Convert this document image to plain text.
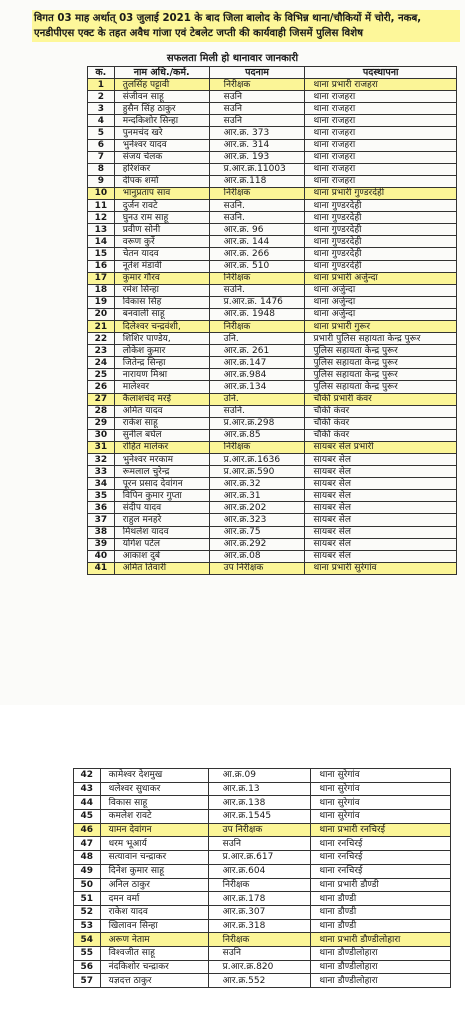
विगत 03 माह अर्थात् 03 जुलाई 2021 के बाद जिला बालोद के विभिन्न थाना/चौकियों में चोरी, नकब, एनडीपीएस एक्ट के तहत अवैध गांजा एवं टेबलेट जप्ती की कार्यवाही जिसमें पुलिस विशेष
सफलता मिली हो थानावार जानकारी
क.	नाम अधि./कर्म.	पदनाम	पदस्थापना
1	तुलसिंह पट्टावी	निरीक्षक	थाना प्रभारी राजहरा
2	संजीवन साहू	सउनि	थाना राजहरा
3	हुसैन सिंह ठाकुर	सउनि	थाना राजहरा
4	मन्दकिशोर सिन्हा	सउनि	थाना राजहरा
5	पुनमचंद खरे	आर.क्र. 373	थाना राजहरा
6	भुनेश्वर यादव	आर.क्र. 314	थाना राजहरा
7	संजय चेलक	आर.क्र. 193	थाना राजहरा
8	हरिशंकर	प्र.आर.क्र.11003	थाना राजहरा
9	दीपक शर्मा	आर.क्र.118	थाना राजहरा
10	भानुप्रताप साव	निरीक्षक	थाना प्रभारी गुण्डरदेही
11	दुर्जन रावटे	सउनि.	थाना गुण्डरदेही
12	घुनउ राम साहू	सउनि.	थाना गुण्डरदेही
13	प्रवीण सोनी	आर.क्र. 96	थाना गुण्डरदेही
14	वरूण कुर्रे	आर.क्र. 144	थाना गुण्डरदेही
15	चेतन यादव	आर.क्र. 266	थाना गुण्डरदेही
16	नूतेश मंडावी	आर.क्र. 510	थाना गुण्डरदेही
17	कुमार गौरव	निरीक्षक	थाना प्रभारी अर्जुन्दा
18	रमेश सिन्हा	सउनि.	थाना अर्जुन्दा
19	विकास सिंह	प्र.आर.क्र. 1476	थाना अर्जुन्दा
20	बनवाली साहू	आर.क्र. 1948	थाना अर्जुन्दा
21	दिलेश्वर चन्द्रवंशी,	निरीक्षक	थाना प्रभारी गुरूर
22	शिशिर पाण्डेय,	उनि.	प्रभारी पुलिस सहायता केन्द्र पुरूर
23	लोकेश कुमार	आर.क्र. 261	पुलिस सहायता केन्द्र पुरूर
24	जितेन्द्र सिन्हा	आर.क्र.147	पुलिस सहायता केन्द्र पुरूर
25	नारायण मिश्रा	आर.क्र.984	पुलिस सहायता केन्द्र पुरूर
26	मालेश्वर	आर.क्र.134	पुलिस सहायता केन्द्र पुरूर
27	कैलाशचंद मरई	उनि.	चौकी प्रभारी कंवर
28	अमित यादव	सउनि.	चौकी कंवर
29	राकेश साहू	प्र.आर.क्र.298	चौकी कंवर
30	सुनील बघेल	आर.क्र.85	चौकी कंवर
31	रोहित मालेकर	निरीक्षक	सायबर सेल प्रभारी
32	भुनेश्वर मरकाम	प्र.आर.क्र.1636	सायबर सेल
33	रूमलाल चुरेन्द्र	प्र.आर.क्र.590	सायबर सेल
34	पूरन प्रसाद देवांगन	आर.क्र.32	सायबर सेल
35	विपिन कुमार गुप्ता	आर.क्र.31	सायबर सेल
36	संदीप यादव	आर.क्र.202	सायबर सेल
37	राहुल मनहरे	आर.क्र.323	सायबर सेल
38	मिथलेश यादव	आर.क्र.75	सायबर सेल
39	योगेश पटेल	आर.क्र.292	सायबर सेल
40	आकाश दुबे	आर.क्र.08	सायबर सेल
41	अमित तिवारी	उप निरीक्षक	थाना प्रभारी सुरेगांव
42	कामेश्वर देशमुख	आ.क्र.09	थाना सुरेगांव
43	थलेश्वर सुधाकर	आर.क्र.13	थाना सुरेगांव
44	विकास साहू	आर.क्र.138	थाना सुरेगांव
45	कमलेश रावटे	आर.क्र.1545	थाना सुरेगांव
46	यामन देवांगन	उप निरीक्षक	थाना प्रभारी रनचिरई
47	धरम भूआर्य	सउनि	थाना रनचिरई
48	सत्यावान चन्द्राकर	प्र.आर.क्र.617	थाना रनचिरई
49	दिनेश कुमार साहू	आर.क्र.604	थाना रनचिरई
50	अनिल ठाकुर	निरीक्षक	थाना प्रभारी डौण्डी
51	दमन वर्मा	आर.क्र.178	थाना डौण्डी
52	राकेश यादव	आर.क्र.307	थाना डौण्डी
53	खिलावन सिन्हा	आर.क्र.318	थाना डौण्डी
54	अरूण नेताम	निरीक्षक	थाना प्रभारी डौण्डीलोहारा
55	विश्वजीत साहू	सउनि	थाना डौण्डीलोहारा
56	नंदकिशोर चन्द्राकर	प्र.आर.क्र.820	थाना डौण्डीलोहारा
57	यज्ञदत्त ठाकुर	आर.क्र.552	थाना डौण्डीलोहारा
